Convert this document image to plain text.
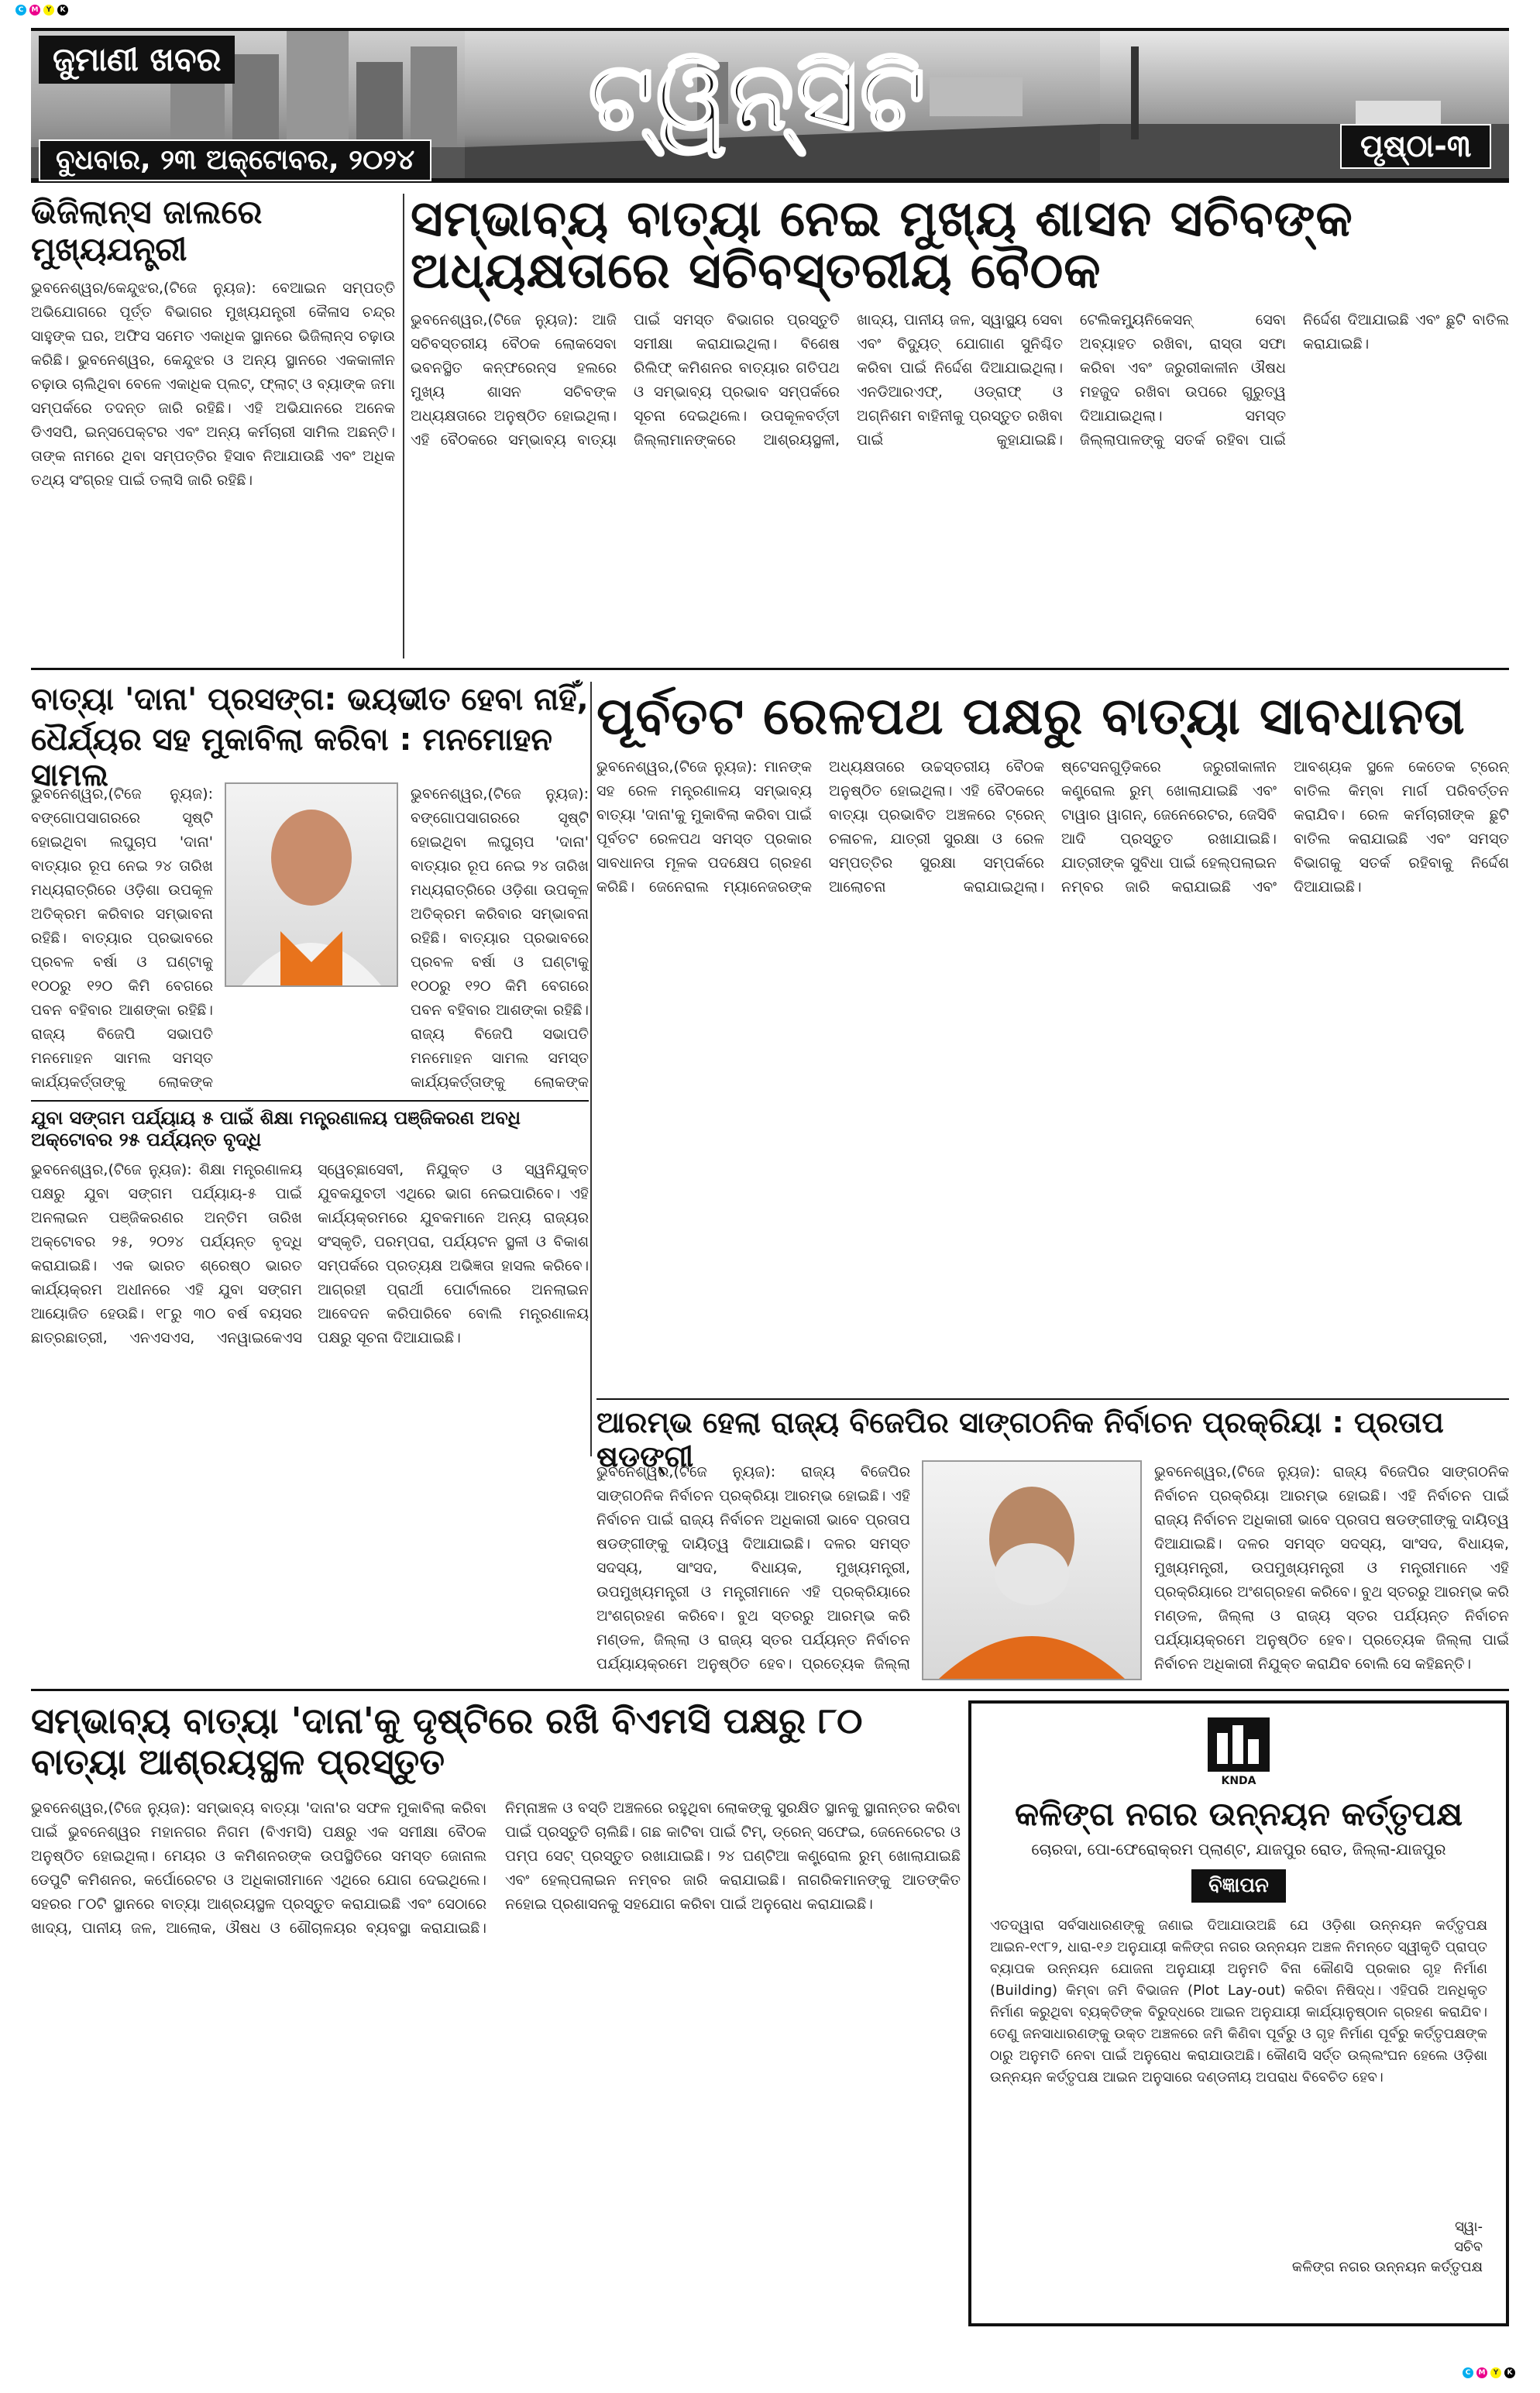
C	M	Y	K
C	M	Y	K
ଜୁମାଣୀ ଖବର	ଟ୍ୱିନ୍‌ସିଟି
ବୁଧବାର, ୨୩ ଅକ୍ଟୋବର, ୨୦୨୪	ପୃଷ୍ଠା-୩
ଭିଜିଲାନ୍ସ ଜାଲରେ ମୁଖ୍ୟଯନ୍ତ୍ରୀ
ଭୁବନେଶ୍ୱର/କେନ୍ଦୁଝର,(ଟିଜେ ନ୍ୟୁଜ): ବେଆଇନ ସମ୍ପତ୍ତି ଅଭିଯୋଗରେ ପୂର୍ତ୍ତ ବିଭାଗର ମୁଖ୍ୟଯନ୍ତ୍ରୀ କୈଳାସ ଚନ୍ଦ୍ର ସାହୁଙ୍କ ଘର, ଅଫିସ ସମେତ ଏକାଧିକ ସ୍ଥାନରେ ଭିଜିଲାନ୍ସ ଚଢ଼ାଉ କରିଛି। ଭୁବନେଶ୍ୱର, କେନ୍ଦୁଝର ଓ ଅନ୍ୟ ସ୍ଥାନରେ ଏକକାଳୀନ ଚଢ଼ାଉ ଚାଲିଥିବା ବେଳେ ଏକାଧିକ ପ୍ଲଟ୍, ଫ୍ଲାଟ୍ ଓ ବ୍ୟାଙ୍କ ଜମା ସମ୍ପର୍କରେ ତଦନ୍ତ ଜାରି ରହିଛି। ଏହି ଅଭିଯାନରେ ଅନେକ ଡିଏସପି, ଇନ୍‌ସପେକ୍ଟର ଏବଂ ଅନ୍ୟ କର୍ମଚାରୀ ସାମିଲ ଅଛନ୍ତି। ତାଙ୍କ ନାମରେ ଥିବା ସମ୍ପତ୍ତିର ହିସାବ ନିଆଯାଉଛି ଏବଂ ଅଧିକ ତଥ୍ୟ ସଂଗ୍ରହ ପାଇଁ ତଲାସି ଜାରି ରହିଛି।
ସମ୍ଭାବ୍ୟ ବାତ୍ୟା ନେଇ ମୁଖ୍ୟ ଶାସନ ସଚିବଙ୍କ ଅଧ୍ୟକ୍ଷତାରେ ସଚିବସ୍ତରୀୟ ବୈଠକ
ଭୁବନେଶ୍ୱର,(ଟିଜେ ନ୍ୟୁଜ): ଆଜି ସଚିବସ୍ତରୀୟ ବୈଠକ ଲୋକସେବା ଭବନସ୍ଥିତ କନ୍ଫରେନ୍ସ ହଲରେ ମୁଖ୍ୟ ଶାସନ ସଚିବଙ୍କ ଅଧ୍ୟକ୍ଷତାରେ ଅନୁଷ୍ଠିତ ହୋଇଥିଲା। ଏହି ବୈଠକରେ ସମ୍ଭାବ୍ୟ ବାତ୍ୟା ପାଇଁ ସମସ୍ତ ବିଭାଗର ପ୍ରସ୍ତୁତି ସମୀକ୍ଷା କରାଯାଇଥିଲା। ବିଶେଷ ରିଲିଫ୍ କମିଶନର ବାତ୍ୟାର ଗତିପଥ ଓ ସମ୍ଭାବ୍ୟ ପ୍ରଭାବ ସମ୍ପର୍କରେ ସୂଚନା ଦେଇଥିଲେ। ଉପକୂଳବର୍ତ୍ତୀ ଜିଲ୍ଲାମାନଙ୍କରେ ଆଶ୍ରୟସ୍ଥଳୀ, ଖାଦ୍ୟ, ପାନୀୟ ଜଳ, ସ୍ୱାସ୍ଥ୍ୟ ସେବା ଏବଂ ବିଦ୍ୟୁତ୍ ଯୋଗାଣ ସୁନିଶ୍ଚିତ କରିବା ପାଇଁ ନିର୍ଦ୍ଦେଶ ଦିଆଯାଇଥିଲା। ଏନଡିଆରଏଫ୍, ଓଡ୍ରାଫ୍ ଓ ଅଗ୍ନିଶମ ବାହିନୀକୁ ପ୍ରସ୍ତୁତ ରଖିବା ପାଇଁ କୁହାଯାଇଛି। ଟେଲିକମ୍ୟୁନିକେସନ୍ ସେବା ଅବ୍ୟାହତ ରଖିବା, ରାସ୍ତା ସଫା କରିବା ଏବଂ ଜରୁରୀକାଳୀନ ଔଷଧ ମହଜୁଦ ରଖିବା ଉପରେ ଗୁରୁତ୍ୱ ଦିଆଯାଇଥିଲା। ସମସ୍ତ ଜିଲ୍ଲାପାଳଙ୍କୁ ସତର୍କ ରହିବା ପାଇଁ ନିର୍ଦ୍ଦେଶ ଦିଆଯାଇଛି ଏବଂ ଛୁଟି ବାତିଲ କରାଯାଇଛି।
ବାତ୍ୟା 'ଦାନା' ପ୍ରସଙ୍ଗ: ଭୟଭୀତ ହେବା ନାହିଁ,
ଧୈର୍ଯ୍ୟର ସହ ମୁକାବିଲା କରିବା : ମନମୋହନ ସାମଲ
ଭୁବନେଶ୍ୱର,(ଟିଜେ ନ୍ୟୁଜ): ବଙ୍ଗୋପସାଗରରେ ସୃଷ୍ଟି ହୋଇଥିବା ଲଘୁଚାପ 'ଦାନା' ବାତ୍ୟାର ରୂପ ନେଇ ୨୪ ତାରିଖ ମଧ୍ୟରାତ୍ରିରେ ଓଡ଼ିଶା ଉପକୂଳ ଅତିକ୍ରମ କରିବାର ସମ୍ଭାବନା ରହିଛି। ବାତ୍ୟାର ପ୍ରଭାବରେ ପ୍ରବଳ ବର୍ଷା ଓ ଘଣ୍ଟାକୁ ୧୦୦ରୁ ୧୨୦ କିମି ବେଗରେ ପବନ ବହିବାର ଆଶଙ୍କା ରହିଛି। ରାଜ୍ୟ ବିଜେପି ସଭାପତି ମନମୋହନ ସାମଲ ସମସ୍ତ କାର୍ଯ୍ୟକର୍ତ୍ତାଙ୍କୁ ଲୋକଙ୍କ
ଭୁବନେଶ୍ୱର,(ଟିଜେ ନ୍ୟୁଜ): ବଙ୍ଗୋପସାଗରରେ ସୃଷ୍ଟି ହୋଇଥିବା ଲଘୁଚାପ 'ଦାନା' ବାତ୍ୟାର ରୂପ ନେଇ ୨୪ ତାରିଖ ମଧ୍ୟରାତ୍ରିରେ ଓଡ଼ିଶା ଉପକୂଳ ଅତିକ୍ରମ କରିବାର ସମ୍ଭାବନା ରହିଛି। ବାତ୍ୟାର ପ୍ରଭାବରେ ପ୍ରବଳ ବର୍ଷା ଓ ଘଣ୍ଟାକୁ ୧୦୦ରୁ ୧୨୦ କିମି ବେଗରେ ପବନ ବହିବାର ଆଶଙ୍କା ରହିଛି। ରାଜ୍ୟ ବିଜେପି ସଭାପତି ମନମୋହନ ସାମଲ ସମସ୍ତ କାର୍ଯ୍ୟକର୍ତ୍ତାଙ୍କୁ ଲୋକଙ୍କ
ପୂର୍ବତଟ ରେଳପଥ ପକ୍ଷରୁ ବାତ୍ୟା ସାବଧାନତା
ଭୁବନେଶ୍ୱର,(ଟିଜେ ନ୍ୟୁଜ): ମାନଙ୍କ ସହ ରେଳ ମନ୍ତ୍ରଣାଳୟ ସମ୍ଭାବ୍ୟ ବାତ୍ୟା 'ଦାନା'କୁ ମୁକାବିଲା କରିବା ପାଇଁ ପୂର୍ବତଟ ରେଳପଥ ସମସ୍ତ ପ୍ରକାର ସାବଧାନତା ମୂଳକ ପଦକ୍ଷେପ ଗ୍ରହଣ କରିଛି। ଜେନେରାଲ ମ୍ୟାନେଜରଙ୍କ ଅଧ୍ୟକ୍ଷତାରେ ଉଚ୍ଚସ୍ତରୀୟ ବୈଠକ ଅନୁଷ୍ଠିତ ହୋଇଥିଲା। ଏହି ବୈଠକରେ ବାତ୍ୟା ପ୍ରଭାବିତ ଅଞ୍ଚଳରେ ଟ୍ରେନ୍ ଚଳାଚଳ, ଯାତ୍ରୀ ସୁରକ୍ଷା ଓ ରେଳ ସମ୍ପତ୍ତିର ସୁରକ୍ଷା ସମ୍ପର୍କରେ ଆଲୋଚନା କରାଯାଇଥିଲା। ଷ୍ଟେସନଗୁଡ଼ିକରେ ଜରୁରୀକାଳୀନ କଣ୍ଟ୍ରୋଲ ରୁମ୍ ଖୋଲାଯାଇଛି ଏବଂ ଟାୱାର ୱାଗନ୍, ଜେନେରେଟର, ଜେସିବି ଆଦି ପ୍ରସ୍ତୁତ ରଖାଯାଇଛି। ଯାତ୍ରୀଙ୍କ ସୁବିଧା ପାଇଁ ହେଲ୍ପଲାଇନ ନମ୍ବର ଜାରି କରାଯାଇଛି ଏବଂ ଆବଶ୍ୟକ ସ୍ଥଳେ କେତେକ ଟ୍ରେନ୍ ବାତିଲ କିମ୍ବା ମାର୍ଗ ପରିବର୍ତ୍ତନ କରାଯିବ। ରେଳ କର୍ମଚାରୀଙ୍କ ଛୁଟି ବାତିଲ କରାଯାଇଛି ଏବଂ ସମସ୍ତ ବିଭାଗକୁ ସତର୍କ ରହିବାକୁ ନିର୍ଦ୍ଦେଶ ଦିଆଯାଇଛି।
ଯୁବା ସଙ୍ଗମ ପର୍ଯ୍ୟାୟ ୫ ପାଇଁ ଶିକ୍ଷା ମନ୍ତ୍ରଣାଳୟ ପଞ୍ଜିକରଣ ଅବଧି ଅକ୍ଟୋବର ୨୫ ପର୍ଯ୍ୟନ୍ତ ବୃଦ୍ଧି
ଭୁବନେଶ୍ୱର,(ଟିଜେ ନ୍ୟୁଜ): ଶିକ୍ଷା ମନ୍ତ୍ରଣାଳୟ ପକ୍ଷରୁ ଯୁବା ସଙ୍ଗମ ପର୍ଯ୍ୟାୟ-୫ ପାଇଁ ଅନଲାଇନ ପଞ୍ଜିକରଣର ଅନ୍ତିମ ତାରିଖ ଅକ୍ଟୋବର ୨୫, ୨୦୨୪ ପର୍ଯ୍ୟନ୍ତ ବୃଦ୍ଧି କରାଯାଇଛି। ଏକ ଭାରତ ଶ୍ରେଷ୍ଠ ଭାରତ କାର୍ଯ୍ୟକ୍ରମ ଅଧୀନରେ ଏହି ଯୁବା ସଙ୍ଗମ ଆୟୋଜିତ ହେଉଛି। ୧୮ରୁ ୩୦ ବର୍ଷ ବୟସର ଛାତ୍ରଛାତ୍ରୀ, ଏନଏସଏସ, ଏନୱାଇକେଏସ ସ୍ୱେଚ୍ଛାସେବୀ, ନିଯୁକ୍ତ ଓ ସ୍ୱନିଯୁକ୍ତ ଯୁବକଯୁବତୀ ଏଥିରେ ଭାଗ ନେଇପାରିବେ। ଏହି କାର୍ଯ୍ୟକ୍ରମରେ ଯୁବକମାନେ ଅନ୍ୟ ରାଜ୍ୟର ସଂସ୍କୃତି, ପରମ୍ପରା, ପର୍ଯ୍ୟଟନ ସ୍ଥଳୀ ଓ ବିକାଶ ସମ୍ପର୍କରେ ପ୍ରତ୍ୟକ୍ଷ ଅଭିଜ୍ଞତା ହାସଲ କରିବେ। ଆଗ୍ରହୀ ପ୍ରାର୍ଥୀ ପୋର୍ଟାଲରେ ଅନଲାଇନ ଆବେଦନ କରିପାରିବେ ବୋଲି ମନ୍ତ୍ରଣାଳୟ ପକ୍ଷରୁ ସୂଚନା ଦିଆଯାଇଛି।
ଆରମ୍ଭ ହେଲା ରାଜ୍ୟ ବିଜେପିର ସାଙ୍ଗଠନିକ ନିର୍ବାଚନ ପ୍ରକ୍ରିୟା : ପ୍ରତାପ ଷଡଙ୍ଗୀ
ଭୁବନେଶ୍ୱର,(ଟିଜେ ନ୍ୟୁଜ): ରାଜ୍ୟ ବିଜେପିର ସାଙ୍ଗଠନିକ ନିର୍ବାଚନ ପ୍ରକ୍ରିୟା ଆରମ୍ଭ ହୋଇଛି। ଏହି ନିର୍ବାଚନ ପାଇଁ ରାଜ୍ୟ ନିର୍ବାଚନ ଅଧିକାରୀ ଭାବେ ପ୍ରତାପ ଷଡଙ୍ଗୀଙ୍କୁ ଦାୟିତ୍ୱ ଦିଆଯାଇଛି। ଦଳର ସମସ୍ତ ସଦସ୍ୟ, ସାଂସଦ, ବିଧାୟକ, ମୁଖ୍ୟମନ୍ତ୍ରୀ, ଉପମୁଖ୍ୟମନ୍ତ୍ରୀ ଓ ମନ୍ତ୍ରୀମାନେ ଏହି ପ୍ରକ୍ରିୟାରେ ଅଂଶଗ୍ରହଣ କରିବେ। ବୁଥ ସ୍ତରରୁ ଆରମ୍ଭ କରି ମଣ୍ଡଳ, ଜିଲ୍ଲା ଓ ରାଜ୍ୟ ସ୍ତର ପର୍ଯ୍ୟନ୍ତ ନିର୍ବାଚନ ପର୍ଯ୍ୟାୟକ୍ରମେ ଅନୁଷ୍ଠିତ ହେବ। ପ୍ରତ୍ୟେକ ଜିଲ୍ଲା
ଭୁବନେଶ୍ୱର,(ଟିଜେ ନ୍ୟୁଜ): ରାଜ୍ୟ ବିଜେପିର ସାଙ୍ଗଠନିକ ନିର୍ବାଚନ ପ୍ରକ୍ରିୟା ଆରମ୍ଭ ହୋଇଛି। ଏହି ନିର୍ବାଚନ ପାଇଁ ରାଜ୍ୟ ନିର୍ବାଚନ ଅଧିକାରୀ ଭାବେ ପ୍ରତାପ ଷଡଙ୍ଗୀଙ୍କୁ ଦାୟିତ୍ୱ ଦିଆଯାଇଛି। ଦଳର ସମସ୍ତ ସଦସ୍ୟ, ସାଂସଦ, ବିଧାୟକ, ମୁଖ୍ୟମନ୍ତ୍ରୀ, ଉପମୁଖ୍ୟମନ୍ତ୍ରୀ ଓ ମନ୍ତ୍ରୀମାନେ ଏହି ପ୍ରକ୍ରିୟାରେ ଅଂଶଗ୍ରହଣ କରିବେ। ବୁଥ ସ୍ତରରୁ ଆରମ୍ଭ କରି ମଣ୍ଡଳ, ଜିଲ୍ଲା ଓ ରାଜ୍ୟ ସ୍ତର ପର୍ଯ୍ୟନ୍ତ ନିର୍ବାଚନ ପର୍ଯ୍ୟାୟକ୍ରମେ ଅନୁଷ୍ଠିତ ହେବ। ପ୍ରତ୍ୟେକ ଜିଲ୍ଲା ପାଇଁ ନିର୍ବାଚନ ଅଧିକାରୀ ନିଯୁକ୍ତ କରାଯିବ ବୋଲି ସେ କହିଛନ୍ତି।
ସମ୍ଭାବ୍ୟ ବାତ୍ୟା 'ଦାନା'କୁ ଦୃଷ୍ଟିରେ ରଖି ବିଏମସି ପକ୍ଷରୁ ୮୦ ବାତ୍ୟା ଆଶ୍ରୟସ୍ଥଳ ପ୍ରସ୍ତୁତ
ଭୁବନେଶ୍ୱର,(ଟିଜେ ନ୍ୟୁଜ): ସମ୍ଭାବ୍ୟ ବାତ୍ୟା 'ଦାନା'ର ସଫଳ ମୁକାବିଲା କରିବା ପାଇଁ ଭୁବନେଶ୍ୱର ମହାନଗର ନିଗମ (ବିଏମସି) ପକ୍ଷରୁ ଏକ ସମୀକ୍ଷା ବୈଠକ ଅନୁଷ୍ଠିତ ହୋଇଥିଲା। ମେୟର ଓ କମିଶନରଙ୍କ ଉପସ୍ଥିତିରେ ସମସ୍ତ ଜୋନାଲ ଡେପୁଟି କମିଶନର, କର୍ପୋରେଟର ଓ ଅଧିକାରୀମାନେ ଏଥିରେ ଯୋଗ ଦେଇଥିଲେ। ସହରର ୮୦ଟି ସ୍ଥାନରେ ବାତ୍ୟା ଆଶ୍ରୟସ୍ଥଳ ପ୍ରସ୍ତୁତ କରାଯାଇଛି ଏବଂ ସେଠାରେ ଖାଦ୍ୟ, ପାନୀୟ ଜଳ, ଆଲୋକ, ଔଷଧ ଓ ଶୌଚାଳୟର ବ୍ୟବସ୍ଥା କରାଯାଇଛି। ନିମ୍ନାଞ୍ଚଳ ଓ ବସ୍ତି ଅଞ୍ଚଳରେ ରହୁଥିବା ଲୋକଙ୍କୁ ସୁରକ୍ଷିତ ସ୍ଥାନକୁ ସ୍ଥାନାନ୍ତର କରିବା ପାଇଁ ପ୍ରସ୍ତୁତି ଚାଲିଛି। ଗଛ କାଟିବା ପାଇଁ ଟିମ୍, ଡ୍ରେନ୍ ସଫେଇ, ଜେନେରେଟର ଓ ପମ୍ପ ସେଟ୍ ପ୍ରସ୍ତୁତ ରଖାଯାଇଛି। ୨୪ ଘଣ୍ଟିଆ କଣ୍ଟ୍ରୋଲ ରୁମ୍ ଖୋଲାଯାଇଛି ଏବଂ ହେଲ୍ପଲାଇନ ନମ୍ବର ଜାରି କରାଯାଇଛି। ନାଗରିକମାନଙ୍କୁ ଆତଙ୍କିତ ନହୋଇ ପ୍ରଶାସନକୁ ସହଯୋଗ କରିବା ପାଇଁ ଅନୁରୋଧ କରାଯାଇଛି।
KNDA
କଳିଙ୍ଗ ନଗର ଉନ୍ନୟନ କର୍ତ୍ତୃପକ୍ଷ
ଚୋରଦା, ପୋ-ଫେରୋକ୍ରମ ପ୍ଲାଣ୍ଟ, ଯାଜପୁର ରୋଡ, ଜିଲ୍ଲା-ଯାଜପୁର
ବିଜ୍ଞାପନ
ଏତଦ୍ୱାରା ସର୍ବସାଧାରଣଙ୍କୁ ଜଣାଇ ଦିଆଯାଉଅଛି ଯେ ଓଡ଼ିଶା ଉନ୍ନୟନ କର୍ତ୍ତୃପକ୍ଷ ଆଇନ-୧୯୮୨, ଧାରା-୧୬ ଅନୁଯାୟୀ କଳିଙ୍ଗ ନଗର ଉନ୍ନୟନ ଅଞ୍ଚଳ ନିମନ୍ତେ ସ୍ୱୀକୃତି ପ୍ରାପ୍ତ ବ୍ୟାପକ ଉନ୍ନୟନ ଯୋଜନା ଅନୁଯାୟୀ ଅନୁମତି ବିନା କୌଣସି ପ୍ରକାର ଗୃହ ନିର୍ମାଣ (Building) କିମ୍ବା ଜମି ବିଭାଜନ (Plot Lay-out) କରିବା ନିଷିଦ୍ଧ। ଏହିପରି ଅନଧିକୃତ ନିର୍ମାଣ କରୁଥିବା ବ୍ୟକ୍ତିଙ୍କ ବିରୁଦ୍ଧରେ ଆଇନ ଅନୁଯାୟୀ କାର୍ଯ୍ୟାନୁଷ୍ଠାନ ଗ୍ରହଣ କରାଯିବ। ତେଣୁ ଜନସାଧାରଣଙ୍କୁ ଉକ୍ତ ଅଞ୍ଚଳରେ ଜମି କିଣିବା ପୂର୍ବରୁ ଓ ଗୃହ ନିର୍ମାଣ ପୂର୍ବରୁ କର୍ତ୍ତୃପକ୍ଷଙ୍କ ଠାରୁ ଅନୁମତି ନେବା ପାଇଁ ଅନୁରୋଧ କରାଯାଉଅଛି। କୌଣସି ସର୍ତ୍ତ ଉଲ୍ଲଂଘନ ହେଲେ ଓଡ଼ିଶା ଉନ୍ନୟନ କର୍ତ୍ତୃପକ୍ଷ ଆଇନ ଅନୁସାରେ ଦଣ୍ଡନୀୟ ଅପରାଧ ବିବେଚିତ ହେବ।
ସ୍ୱା-
ସଚିବ
କଳିଙ୍ଗ ନଗର ଉନ୍ନୟନ କର୍ତ୍ତୃପକ୍ଷ
